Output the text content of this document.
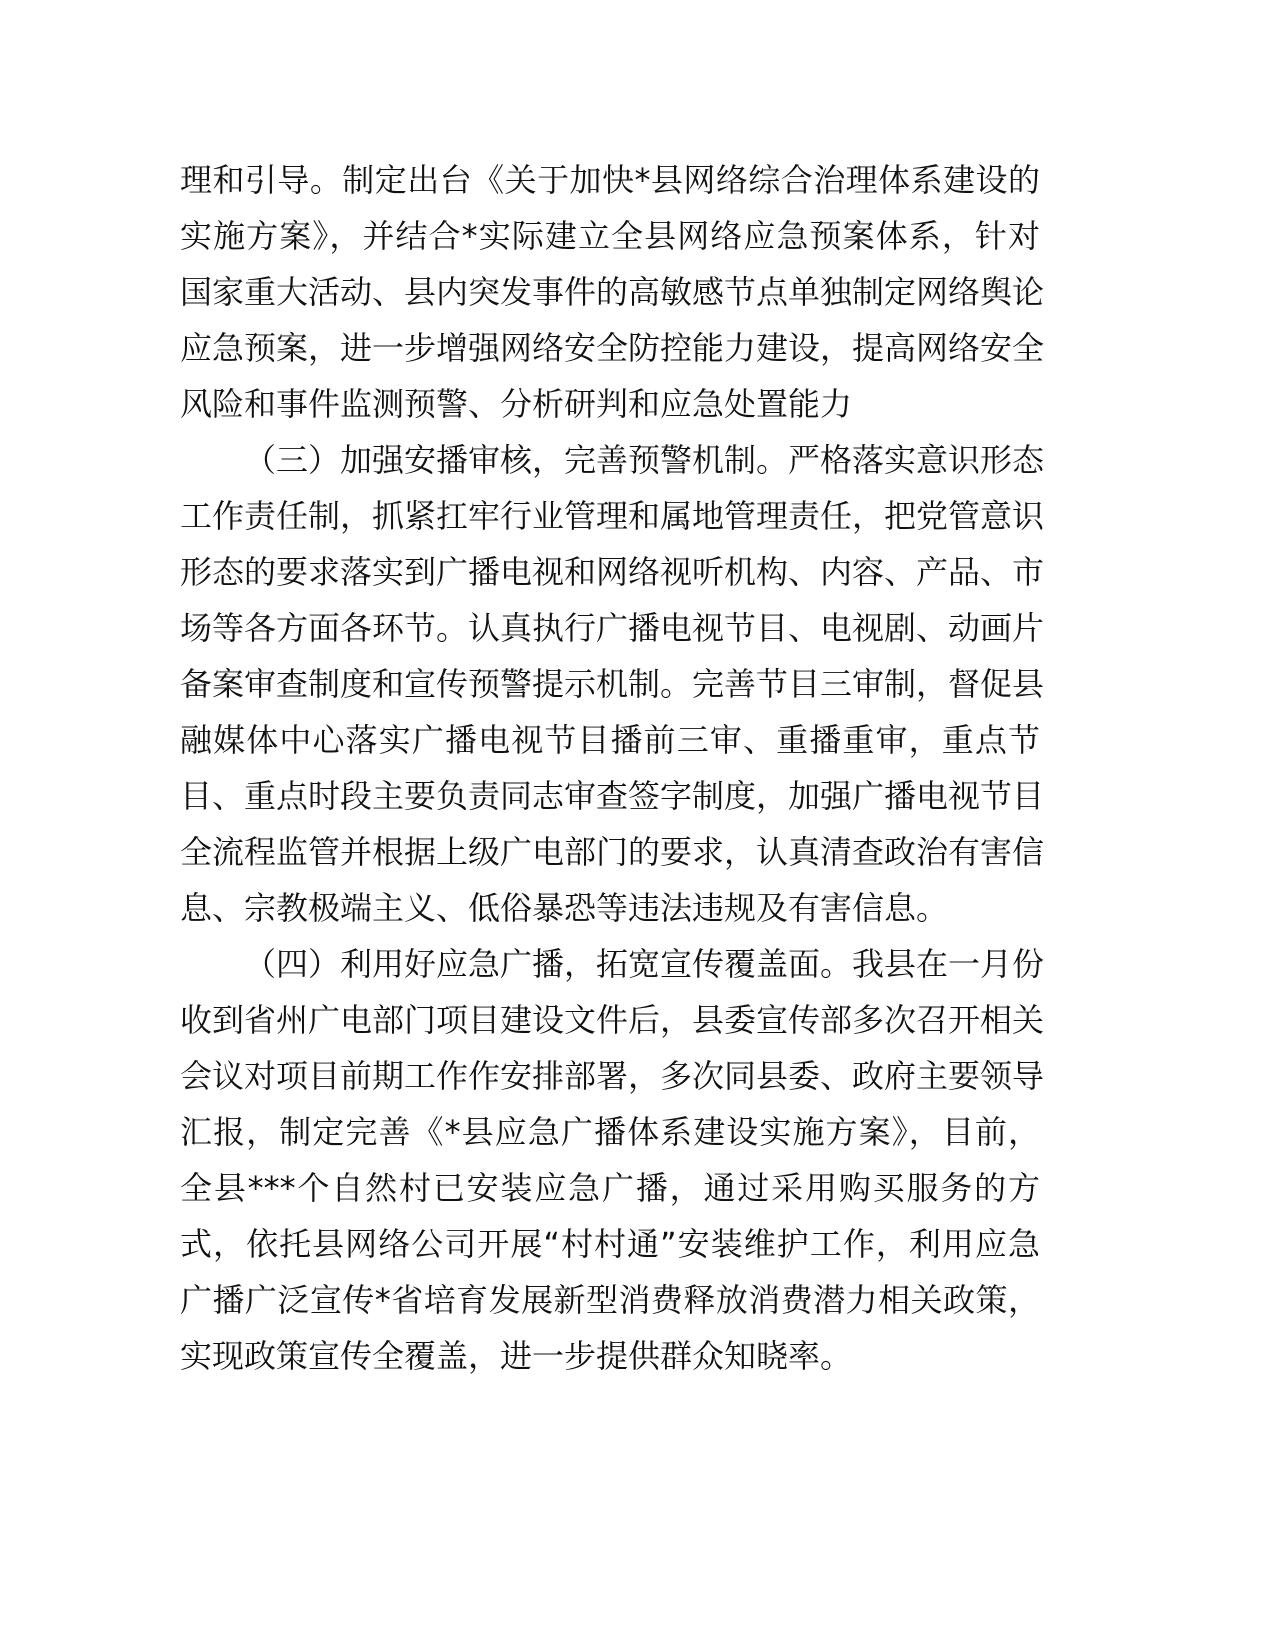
理和引导。制定出台《关于加快*县网络综合治理体系建设的
实施方案》，并结合*实际建立全县网络应急预案体系，针对
国家重大活动、县内突发事件的高敏感节点单独制定网络舆论
应急预案，进一步增强网络安全防控能力建设，提高网络安全
风险和事件监测预警、分析研判和应急处置能力
（三）加强安播审核，完善预警机制。严格落实意识形态
工作责任制，抓紧扛牢行业管理和属地管理责任，把党管意识
形态的要求落实到广播电视和网络视听机构、内容、产品、市
场等各方面各环节。认真执行广播电视节目、电视剧、动画片
备案审查制度和宣传预警提示机制。完善节目三审制，督促县
融媒体中心落实广播电视节目播前三审、重播重审，重点节
目、重点时段主要负责同志审查签字制度，加强广播电视节目
全流程监管并根据上级广电部门的要求，认真清查政治有害信
息、宗教极端主义、低俗暴恐等违法违规及有害信息。
（四）利用好应急广播，拓宽宣传覆盖面。我县在一月份
收到省州广电部门项目建设文件后，县委宣传部多次召开相关
会议对项目前期工作作安排部署，多次同县委、政府主要领导
汇报，制定完善《*县应急广播体系建设实施方案》，目前，
全县***个自然村已安装应急广播，通过采用购买服务的方
式，依托县网络公司开展“村村通”安装维护工作，利用应急
广播广泛宣传*省培育发展新型消费释放消费潜力相关政策，
实现政策宣传全覆盖，进一步提供群众知晓率。
